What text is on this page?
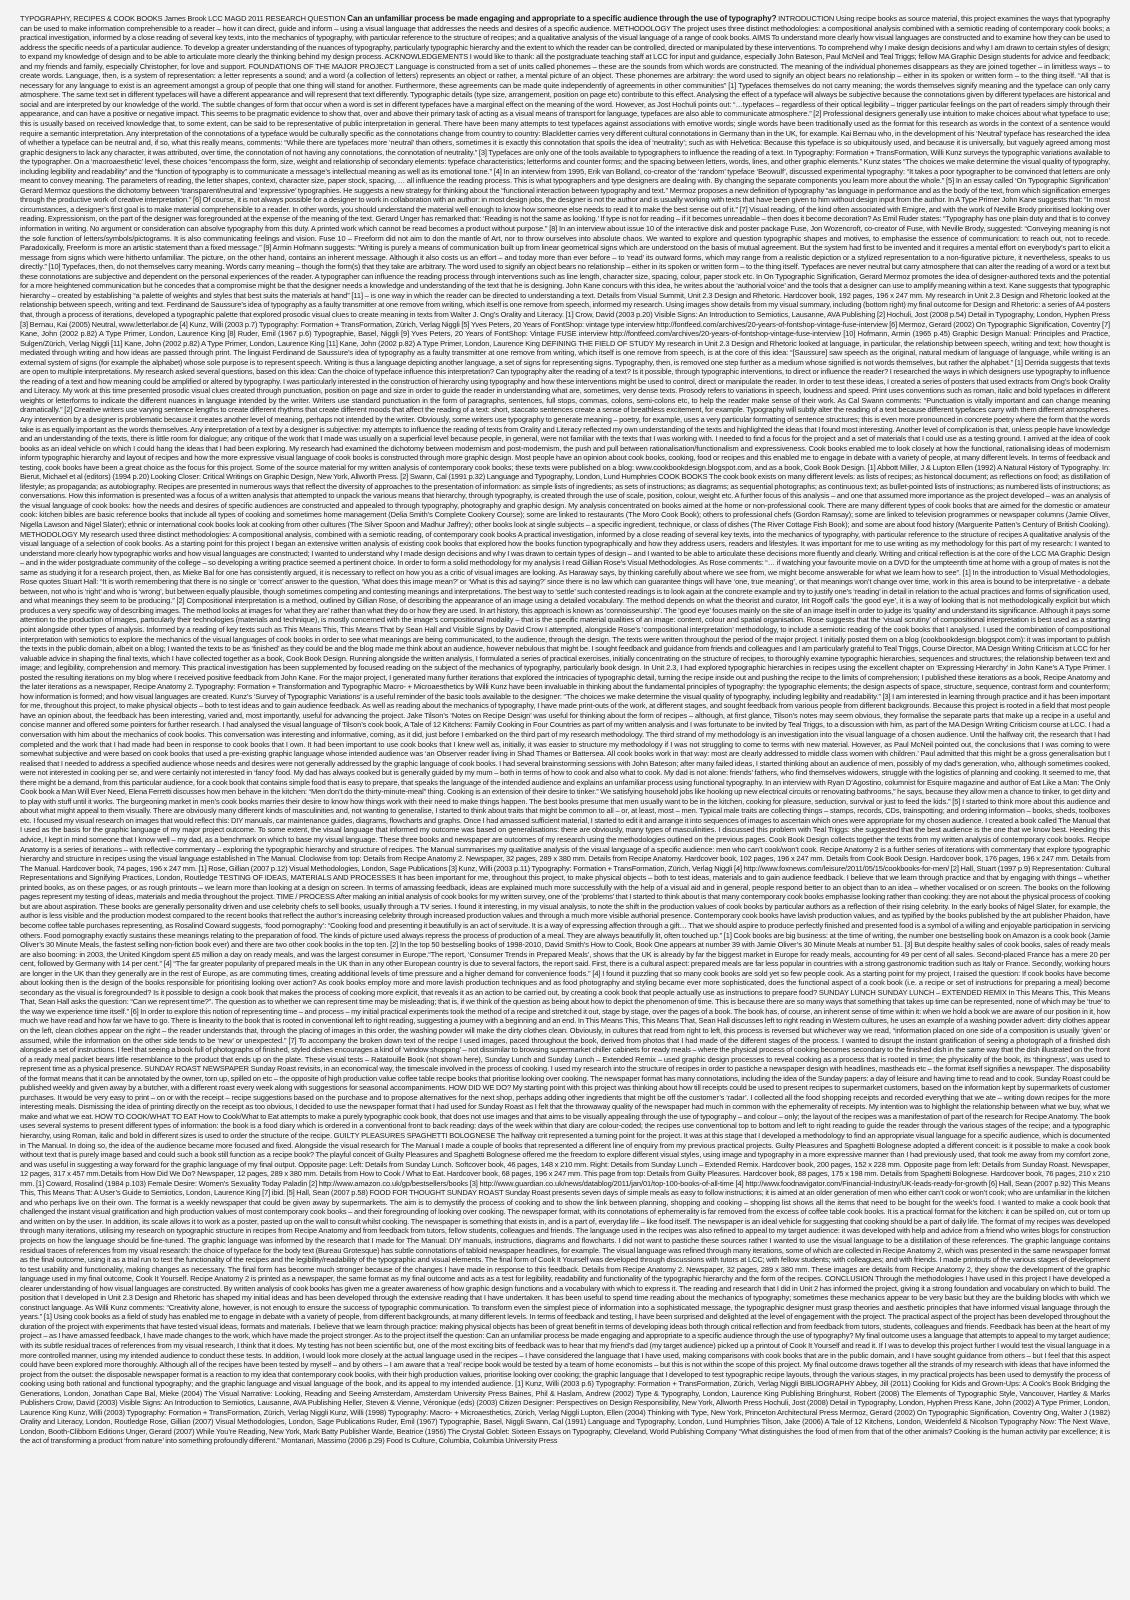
TYPOGRAPHY, RECIPES & COOK BOOKS James Brook LCC MAGD 2011 RESEARCH QUESTION Can an unfamiliar process be made engaging and appropriate to a specific audience through the use of typography? INTRODUCTION Using recipe books as source material, this project examines the ways that typography can be used to make information comprehensible to a reader – how it can direct, guide and inform – using a visual language that addresses the needs and desires of a specific audience. METHODOLOGY The project uses three distinct methodologies: a compositional analysis combined with a semiotic reading of contemporary cook books; a practical investigation, informed by a close reading of several key texts, into the mechanics of typography, with particular reference to the structure of recipes; and a qualitative analysis of the visual language of a range of cook books. AIMS To understand more clearly how visual languages are constructed and to examine how they can be used to address the specific needs of a particular audience. To develop a greater understanding of the nuances of typography, particularly typographic hierarchy and the extent to which the reader can be controlled, directed or manipulated by these interventions. To comprehend why I make design decisions and why I am drawn to certain styles of design; to expand my knowledge of design and to be able to articulate more clearly the thinking behind my design process. ACKNOWLEDGEMENTS I would like to thank: all the postgraduate teaching staff at LCC for input and guidance, especially John Bateson, Paul McNeil and Teal Triggs; fellow MA Graphic Design students for advice and feedback; and my friends and family, especially Christopher, for love and support. FOUNDATIONS OF THE MAJOR PROJECT Language is constructed from a set of units called phonemes – these are the sounds from which words are constructed. The meaning of the individual phonemes disappears as they are joined together – in limitless ways – to create words. Language, then, is a system of representation: a letter represents a sound; and a word (a collection of letters) represents an object or rather, a mental picture of an object. These phonemes are arbitrary: the word used to signify an object bears no relationship – either in its spoken or written form – to the thing itself. “All that is necessary for any language to exist is an agreement amongst a group of people that one thing will stand for another. Furthermore, these agreements can be made quite independently of agreements in other communities” [1] Typefaces themselves do not carry meaning; the words themselves signify meaning and the typeface can only carry atmosphere. The same text set in different typefaces will have a different appearance and will represent that text differently. Typographic details (type size, arrangement, position on page etc) contribute to this effect. Analysing the effect of a typeface will always be subjective because the connotations given by different typefaces are historical and social and are interpreted by our knowledge of the world. The subtle changes of form that occur when a word is set in different typefaces have a marginal effect on the meaning of the word. However, as Jost Hochuli points out: “…typefaces – regardless of their optical legibility – trigger particular feelings on the part of readers simply through their appearance, and can have a positive or negative impact. This seems to be pragmatic evidence to show that, over and above their primary task of acting as a visual means of transport for language, typefaces are also able to communicate atmosphere.” [2] Professional designers generally use intuition to make choices about what typeface to use; this is usually based on received knowledge that, to some extent, can be said to be representative of public interpretation in general. There have been many attempts to test typefaces against associations with emotive words; single words have been traditionally used as the format for this research as words in the context of a sentence would require a semantic interpretation. Any interpretation of the connotations of a typeface would be culturally specific as the connotations change from country to country: Blackletter carries very different cultural connotations in Germany than in the UK, for example. Kai Bernau who, in the development of his ‘Neutral’ typeface has researched the idea of whether a typeface can be neutral and, if so, what this really means, comments: “While there are typefaces more ‘neutral’ than others, sometimes it is exactly this connotation that spoils the idea of ‘neutrality’; such as with Helvetica: Because this typeface is so ubiquitously used, and because it is universally, but vaguely agreed among most graphic designers to lack any character, it was attributed, over time, the connotation of not having any connotations, the connotation of neutrality.” [3] Typefaces are only one of the tools available to typographers to influence the reading of a text. In Typography: Formation + TransFormation, Willi Kunz surveys the typographic variations available to the typographer. On a ‘macroaesthetic’ level, these choices “encompass the form, size, weight and relationship of secondary elements: typeface characteristics; letterforms and counter forms; and the spacing between letters, words, lines, and other graphic elements.” Kunz states “The choices we make determine the visual quality of typography, including legibility and readability” and the “function of typography is to communicate a message’s intellectual meaning as well as its emotional tone.” [4] In an interview from 1995, Erik van Bolland, co-creator of the ‘random’ typeface ‘Beowulf’, discussed experimental typography: “It takes a poor typographer to be convinced that letters are only meant to convey meaning. The parameters of reading, the letter shapes, context, character size, paper stock, spacing, … all influence the reading process. This is what typographers and type designers are dealing with. By changing the separate components you learn more about the whole.” [5] In an essay called ‘On Typographic Signification’ Gerard Mermoz questions the dichotomy between ‘transparent/neutral and ‘expressive’ typographies. He suggests a new strategy for thinking about the “functional interaction between typography and text.” Mermoz proposes a new definition of typography “as language in performance and as the body of the text, from which signification emerges through the productive work of creative interpretation.” [6] Of course, it is not always possible for a designer to work in collaboration with an author: in most design jobs, the designer is not the author and is usually working with texts that have been given to him without design input from the author. In A Type Primer John Kane suggests that: “In most circumstances, a designer’s first goal is to make material comprehensible to a reader. In other words, you should understand the material well enough to know how someone else needs to read it to make the best sense out of it.” [7] Visual reading, of the kind often associated with Emigre, and with the work of Neville Brody prioritised looking over reading. Expressionism, on the part of the designer was foregrounded at the expense of the meaning of the text. Gerard Unger has remarked that: ‘Reading is not the same as looking.’ If type is not for reading – if it becomes unreadable – then does it become decoration? As Emil Ruder states: “Typography has one plain duty and that is to convey information in writing. No argument or consideration can absolve typography from this duty. A printed work which cannot be read becomes a product without purpose.” [8] In an interview about issue 10 of the interactive disk and poster package Fuse, Jon Wozencroft, co-creator of Fuse, with Neville Brody, suggested: “Conveying meaning is not the sole function of letters/symbols/pictograms. It is also communicating feelings and vision. Fuse 10 – Freeform did not aim to don the mantle of Art, nor to throw ourselves into absolute chaos. We wanted to explore and question typographic shapes and motives, to emphasise the essence of communication: to reach out, not to recede. Paradoxically, Freeform is more an artistic statement than a fixed message.” [9] Armin Hofmann suggests: “Writing is purely a means of communication built up from linear geometrical signs which are understood on the basis of mutual agreement. But the system had first to be invented and it requires a mental effort on everybody’s part to elicit a message from signs which were hitherto unfamiliar. The picture, on the other hand, contains an inherent message. Although it also costs us an effort – and today more than ever before – to ‘read’ its outward forms, which may range from a realistic depiction or a stylized representation to a non-figurative picture, it nevertheless, speaks to us directly.” [10] Typefaces, then, do not themselves carry meaning. Words carry meaning – though the form(s) that they take are arbitrary. The word used to signify an object bears no relationship – either in its spoken or written form – to the thing itself. Typefaces are never neutral but carry atmosphere that can alter the reading of a word or a text but these connotations are subjective and dependent on the personal experiences of the reader. A typographer can influence the reading process through interventions such as line length, character size, spacing, colour, paper stock etc. In On Typographic Signification, Gerard Mermoz promotes the idea of designer-authored texts and the potential for a more heightened communication but he concedes that a compromise might be that the designer needs a knowledge and understanding of the text that he is designing. John Kane concurs with this idea, he writes about the ‘authorial voice’ and the tools that a designer can use to amplify meaning within a text. Kane suggests that typographic hierarchy – created by establishing “a palette of weights and styles that best suits the materials at hand” [11] – is one way in which the reader can be directed to understanding a text. Details from Visual Summit, Unit 2.3 Design and Rhetoric. Hardcover book, 192 pages, 196 x 247 mm. My research in Unit 2.3 Design and Rhetoric looked at the relationship between speech, writing and text. Ferdinand de Saussure’s idea of typography as a faulty transmitter at one remove from writing, which itself is one remove from speech, informed my research. Using images show details from my visual summary, including (bottom right) my final outcome for Design and Rhetoric: a series of A4 posters that, through a process of iterations, developed a typographic palette that explored prosodic visual clues to create meaning in texts from Walter J. Ong’s Orality and Literacy. [1] Crow, David (2003 p.20) Visible Signs: An Introduction to Semiotics, Lausanne, AVA Publishing [2] Hochuli, Jost (2008 p.54) Detail in Typography, London, Hyphen Press [3] Bernau, Kai (2005) Neutral, www.letterlabor.de [4] Kunz, Willi (2003 p.7) Typography: Formation + TransFormation, Zürich, Verlag Niggli [5] Yves Peters, 20 Years of FontShop: vintage type interview http://fontfeed.com/archives/20-years-of-fontshop-vintage-fuse-interview [6] Mermoz, Gerard (2002) On Typographic Signification, Coventry [7] Kane, John (2002 p.82) A Type Primer, London, Laurence King [8] Ruder, Emil (1967 p.6) Typographie, Basel, Niggli [9] Yves Peters, 20 Years of FontShop: Vintage FUSE interview http://fontfeed.com/archives/20-years-of-fontshop-vintage-fuse-interview [10] Hofmann, Armin (1965 p.45) Graphic Design Manual: Principles and Practice, Sulgen/Zürich, Verlag Niggli [11] Kane, John (2002 p.82) A Type Primer, London, Laurence King [11] Kane, John (2002 p.82) A Type Primer, London, Laurence King DEFINING THE FIELD OF STUDY My research in Unit 2.3 Design and Rhetoric looked at language, in particular, the relationship between speech, writing and text; how thought is mediated through writing and how ideas are passed through print. The linguist Ferdinand de Saussure’s idea of typography as a faulty transmitter at one remove from writing, which itself is one remove from speech, is at the core of this idea: “[Saussure] saw speech as the original, natural medium of language of language, while writing is an external system of signs (for example the alphabet) whose sole purpose is to represent speech. Writing is thus a language depicting another language, a set of signs for representing signs. Typography, then, is removed one step further as a medium whose signified is not words themselves, but rather the alphabet.” [1] Derrida suggests that texts are open to multiple interpretations. My research asked several questions, based on this idea: Can the choice of typeface influence this interpretation? Can typography alter the reading of a text? Is it possible, through typographic interventions, to direct or influence the reader? I researched the ways in which designers use typography to influence the reading of a text and how meaning could be amplified or altered by typography. I was particularly interested in the construction of hierarchy using typography and how these interventions might be used to control, direct or manipulate the reader. In order to test these ideas, I created a series of posters that used extracts from Ong’s book Orality and Literacy. My work at this time presented prosodic visual clues created through punctuation, position on page and size in order to guide the reader in understanding what are, sometimes, very dense texts. Prosody refers to variations in speech, loudness and speed. Print uses conventions such as roman, italic and bold typefaces in different weights or letterforms to indicate the different nuances in language intended by the writer. Writers use standard punctuation in the form of paragraphs, sentences, full stops, commas, colons, semi-colons etc, to help the reader make sense of their work. As Cal Swann comments: “Punctuation is vitally important and can change meaning dramatically.” [2] Creative writers use varying sentence lengths to create different rhythms that create different moods that affect the reading of a text: short, staccato sentences create a sense of breathless excitement, for example. Typography will subtly alter the reading of a text because different typefaces carry with them different atmospheres. Any intervention by a designer is problematic because it creates another level of meaning, perhaps not intended by the writer. Obviously, some writers use typography to generate meaning – poetry, for example, uses a very particular formatting of sentence structures; this is even more pronounced in concrete poetry where the form that the words take is as equally important as the words themselves. Any interpretation of a text by a designer is subjective: my attempts to influence the reading of texts from Orality and Literacy reflected my own understanding of the texts and highlighted the ideas that I found most interesting. Another level of complication is that, unless people have knowledge and an understanding of the texts, there is little room for dialogue; any critique of the work that I made was usually on a superficial level because people, in general, were not familiar with the texts that I was working with. I needed to find a focus for the project and a set of materials that I could use as a testing ground. I arrived at the idea of cook books as an ideal vehicle on which I could hang the ideas that I had been exploring. My research had examined the dichotomy between modernism and post-modernism, the push and pull between rationalisation/functionalism and expressiveness. Cook books enabled me to look closely at how the functional, rationalising ideas of modernism inform typographic hierarchy and layout of recipes and how the more expressive visual language of cook books is constructed through more graphic design. Most people have an opinion about cook books, cooking, food or recipes and this enabled me to engage in debate with a variety of people, at many different levels. In terms of feedback and testing, cook books have been a great choice as the focus for this project. Some of the source material for my written analysis of contemporary cook books; these texts were published on a blog: www.cookbookdesign.blogspot.com, and as a book, Cook Book Design. [1] Abbott Miller, J & Lupton Ellen (1992) A Natural History of Typography. In: Bierut, Michael et al (editors) (1994 p.20) Looking Closer: Critical Writings on Graphic Design, New York, Allworth Press. [2] Swann, Cal (1991 p.32) Language and Typography, London, Lund Humphries COOK BOOKS The cook book exists on many different levels: as lists of recipes; as historical document; as reflections on food; as distillation of lifestyle; as propaganda; as autobiography. Recipes are presented in numerous ways that reflect the diversity of approaches to the presentation of information: as simple lists of ingredients; as sets of instructions; as diagrams; as sequential photographs; as continuous text; as bullet-pointed lists of instructions; as numbered lists of instructions; as conversations. How this information is presented was a focus of a written analysis that attempted to unpack the various means that hierarchy, through typography, is created through the use of scale, position, colour, weight etc. A further focus of this analysis – and one that assumed more importance as the project developed – was an analysis of the visual language of cook books: how the needs and desires of specific audiences are constructed and appealed to through typography, photography and graphic design. My analysis concentrated on books aimed at the home or non-professional cook. There are many different types of cook books that are aimed for the domestic or amateur cook: kitchen bibles are basic reference books that include all types of cooking and sometimes home management (Delia Smith’s Complete Cookery Course); some are linked to restaurants (The Moro Cook Book); others to professional chefs (Gordon Ramsay); some are linked to television programmes or newspaper columns (Jamie Oliver, Nigella Lawson and Nigel Slater); ethnic or international cook books look at cooking from other cultures (The Silver Spoon and Madhur Jaffrey); other books look at single subjects – a specific ingredient, technique, or class of dishes (The River Cottage Fish Book); and some are about food history (Marguerite Patten’s Century of British Cooking). METHODOLOGY My research used three distinct methodologies: A compositional analysis, combined with a semiotic reading, of contemporary cook books A practical investigation, informed by a close reading of several key texts, into the mechanics of typography, with particular reference to the structure of recipes A qualitative analysis of the visual language of a selection of cook books. As a starting point for this project I began an extensive written analysis of existing cook books that explored how the books function typographically and how they address users, readers and lifestyles. It was important for me to use writing as my methodology for this part of my research: I wanted to understand more clearly how typographic works and how visual languages are constructed; I wanted to understand why I made design decisions and why I was drawn to certain types of design – and I wanted to be able to articulate these decisions more fluently and clearly. Writing and critical reflection is at the core of the LCC MA Graphic Design – and in the wider postgraduate community of the college – so developing a writing practice seemed a pertinent choice. In order to form a solid methodology for my analysis I read Gillian Rose’s Visual Methodologies. As Rose comments: “… if watching your favourite movie on a DVD for the umpteenth time at home with a group of mates is not the same as studying it for a research project, then, as Mieke Bal for one has consistently argued, it is necessary to reflect on how you as a critic of visual images are looking. As Haraway says, by thinking carefully about where we see from, we might become answerable for what we learn how to see”. [1] In the introduction to Visual Methodologies, Rose quotes Stuart Hall: “It is worth remembering that there is no single or ‘correct’ answer to the question, ‘What does this image mean?’ or ‘What is this ad saying?’ since there is no law which can guarantee things will have ‘one, true meaning’, or that meanings won’t change over time, work in this area is bound to be interpretative - a debate between, not who is ‘right’ and who is ‘wrong’, but between equally plausible, though sometimes competing and contesting meanings and interpretations. The best way to ‘settle’ such contested readings is to look again at the concrete example and try to justify one’s ‘reading’ in detail in relation to the actual practices and forms of signification used, and what meanings they seem to be producing.” [2] Compositional interpretation is a method, outlined by Gillian Rose, of describing the appearance of an image using a detailed vocabulary. The method depends on what the theorist and curator, Irit Rogoff calls ‘the good eye’, it is a way of looking that is not methodologically explicit but which produces a very specific way of describing images. The method looks at images for ‘what they are’ rather than what they do or how they are used. In art history, this approach is known as ‘connoisseurship’. The ‘good eye’ focuses mainly on the site of an image itself in order to judge its ‘quality’ and understand its significance. Although it pays some attention to the production of images, particularly their technologies (materials and technique), is mostly concerned with the image’s compositional modality – that is the specific material qualities of an image: content, colour and spatial organisation. Rose suggests that the ‘visual scrutiny’ of compositional interpretation is best used as a starting point alongside other types of analysis. Informed by a reading of key texts such as This Means This, This Means That by Sean Hall and Visible Signs by David Crow I attempted, alongside Rose’s ‘compositional interpretation’ methodology, to include a semiotic reading of the cook books that I analysed. I used the combination of compositional interpretation with semiotics to explore the mechanics of the visual languages of cook books in order to see what meanings are being communicated, to the audience, through the design. The texts were written throughout the period of the major project. I initially posted them on a blog (cookbookdesign.blogspot.com): it was important to publish the texts in the public domain, albeit on a blog; I wanted the texts to be as ‘finished’ as they could be and the blog made me think about an audience, however nebulous that might be. I sought feedback and guidance from friends and colleagues and I am particularly grateful to Teal Triggs, Course Director, MA Design Writing Criticism at LCC for her valuable advice in shaping the final texts, which I have collected together as a book, Cook Book Design. Running alongside the written analysis, I formulated a series of practical exercises, initially concentrating on the structure of recipes, to thoroughly examine typographic hierarchies, sequences and structures; the relationship between text and image; and legibility, comprehension and memory. This practical investigation has been supplemented by focused reading on the subject of the mechanics of typography, particularly book design. In Unit 2.3, I had explored typographic hierarchies in recipes using the excellent chapter on ‘Expressing Hierarchy’ in John Kane’s A Type Primer. I posted the resulting iterations on my blog where I received positive feedback from John Kane. For the major project, I generated many further iterations that explored the intricacies of typographic detail, turning the recipe inside out and pushing the recipe to the limits of comprehension; I published these iterations as a book, Recipe Anatomy and the later iterations as a newspaper, Recipe Anatomy 2. Typography: Formation + Transformation and Typographic Macro- + Microaesthetics by Willi Kunz have been invaluable in thinking about the fundamental principles of typography: the typographic elements; the design aspects of space, structure, sequence, contrast form and counterform; how information is formed; and how visual languages are created. Kunz’s ‘Survey of Typographic Variations’ is a useful reminder of the basic tools available to the designer: “The choices we make determine the visual quality of typography, including legibility and readability.” [3] I am interested in learning through practice and it has been important for me, throughout this project, to make physical objects – both to test ideas and to gain audience feedback. As well as reading about the mechanics of typography, I have made print-outs of the work, at different stages, and sought feedback from various people from different backgrounds. Because this project is rooted in a field that most people have an opinion about, the feedback has been interesting, varied and, most importantly, useful for advancing the project. Jake Tilson’s ‘Notes on Recipe Design’ was useful for thinking about the form of recipes – although, at first glance, Tilson’s notes may seem obvious, they formalise the separate parts that make up a recipe in a useful and concise manner and offered some pointers for further research. I had analysed the visual language of Tilson’s cook book, A Tale of 12 Kitchens: Family Cooking in Four Countries as part of my written analysis and I was fortunate to be invited by Teal Triggs, to a discussion with him, as part of the MA Design Writing Criticism course at LCC. I had a conversation with him about the mechanics of cook books. This conversation was interesting and informative, coming, as it did, just before I embarked on the third part of my research methodology. The third strand of my methodology is an investigation into the visual language of a chosen audience. Until the halfway crit, the research that I had completed and the work that I had made had been in response to cook books that I own. It had been important to use cook books that I knew well as, initially, it was easier to structure my methodology if I was not struggling to come to terms with new material. However, as Paul McNeil pointed out, the conclusions that I was coming to were somewhat subjective and were based on cook books that used a pre-existing graphic language whose intended audience was ‘an Observer reader living in Shad Thames or Battersea. All cook books work in that way: most are clearly addressed to middle class women with children.’ Paul admitted that this might be a gross generalisation but I realised that I needed to address a specified audience whose needs and desires were not generally addressed by the graphic language of cook books. I had several brainstorming sessions with John Bateson; after many failed ideas, I started thinking about an audience of men, possibly of my dad’s generation, who, although sometimes cooked, were not interested in cooking per se, and were certainly not interested in ‘fancy’ food. My dad has always cooked but is generally guided by my mum – both in terms of how to cook and also what to cook. My dad is not alone: friends’ fathers, who find themselves widowers, struggle with the logistics of planning and cooking. It seemed to me, that there might be a demand, from this particular audience, for a cook book that contains simple food that is easy to prepare, that speaks the language of the intended audience and explains an unfamiliar process using functional typography. In an interview with Ryan D’Agostino, columnist for Esquire magazine and author of Eat Like a Man: The Only Cook book a Man Will Ever Need, Elena Ferretti discusses how men behave in the kitchen: “Men don’t do the thirty-minute-meal” thing. Cooking is an extension of their desire to tinker.” We satisfying household jobs like hooking up new electrical circuits or renovating bathrooms,” he says, because they allow men a chance to tinker, to get dirty and to play with stuff until it works. The burgeoning market in men’s cook books marries their desire to know how things work with their need to make things happen. The best books presume that men usually want to be in the kitchen, cooking for pleasure, seduction, survival or just to feed the kids.” [5] I started to think more about this audience and about what might appeal to them visually. There are obviously many different kinds of masculinities and, not wanting to generalise, I started to think about traits that might be common to all – or, at least, most – men. Typical male traits are collecting things – stamps, records, CDs, trainspotting; and ordering information – books, sheds, toolboxes etc. I focused my visual research on images that would reflect this: DIY manuals, car maintenance guides, diagrams, flowcharts and graphs. Once I had amassed sufficient material, I started to edit it and arrange it into sequences of images to ascertain which ones were appropriate for my chosen audience. I created a book called The Manual that I used as the basis for the graphic language of my major project outcome. To some extent, the visual language that informed my outcome was based on generalisations: there are obviously, many types of masculinities. I discussed this problem with Teal Triggs: she suggested that the best audience is the one that we know best. Heeding this advice, I kept in mind someone that I know well – my dad, as a benchmark on which to base my visual language. These three books and newspaper are outcomes of my research using the methodologies outlined on the previous pages. Cook Book Design collects together the texts from my written analysis of contemporary cook books. Recipe Anatomy is a series of iterations – with reflective commentary – exploring the typographic hierarchy and structure of recipes. The Manual summarises my qualitative analysis of the visual language of a specific audience: men who can’t cook/won’t cook. Recipe Anatomy 2 is a further series of iterations with commentary that explore typographic hierarchy and structure in recipes using the visual language established in The Manual. Clockwise from top: Details from Recipe Anatomy 2. Newspaper, 32 pages, 289 x 380 mm. Details from Recipe Anatomy. Hardcover book, 102 pages, 196 x 247 mm. Details from Cook Book Design. Hardcover book, 176 pages, 196 x 247 mm. Details from The Manual. Hardcover book, 74 pages, 196 x 247 mm. [1] Rose, Gillian (2007 p.12) Visual Methodologies, London, Sage Publications [3] Kunz, Willi (2003 p.11) Typography: Formation + TransFormation, Zürich, Verlag Niggli [4] http://www.foxnews.com/leisure/2011/05/15/cookbooks-for-men/ [2] Hall, Stuart (1997 p.9) Representation: Cultural Representations and Signifying Practices, London, Routledge TESTING OF IDEAS, MATERIALS AND PROCESSES It has been important for me, throughout this project, to make physical objects – both to test ideas, materials and to gain audience feedback. I believe that we learn through practice and that by engaging with things – whether printed books, as on these pages, or as rough printouts – we learn more than looking at a design on screen. In terms of amassing feedback, ideas are explained much more successfully with the help of a visual aid and in general, people respond better to an object than to an idea – whether vocalised or on screen. The books on the following pages represent my testing of ideas, materials and media throughout the project. TIME / PROCESS After making an initial analysis of cook books for my written survey, one of the ‘problems’ that I started to think about is that many contemporary cook books emphasise looking rather than cooking: they are not about the physical process of cooking but are about aspiration. These books are generally personality driven and use celebrity chefs to sell books, usually through a TV series. I found it interesting, in my visual analysis, to note the shift in the production values of cook books by particular authors as a reflection of their rising celebrity. In the early books of Nigel Slater, for example, the author is less visible and the production modest compared to the recent books that reflect the author’s increasing celebrity through increased production values and through a much more visible authorial presence. Contemporary cook books have lavish production values, and as typified by the books published by the art publisher Phaidon, have become coffee table purchases representing, as Rosalind Coward suggests, ‘food pornography’: “Cooking food and presenting it beautifully is an act of servitude. It is a way of expressing affection through a gift… That we should aspire to produce perfectly finished and presented food is a symbol of a willing and enjoyable participation in servicing others. Food pornography exactly sustains these meanings relating to the preparation of food. The kinds of picture used always repress the process of production of a meal. They are always beautifully lit, often touched up.” [1] Cook books are big business: at the time of writing, the number one bestselling book on Amazon is a cook book (Jamie Oliver’s 30 Minute Meals, the fastest selling non-fiction book ever) and there are two other cook books in the top ten. [2] In the top 50 bestselling books of 1998-2010, David Smith’s How to Cook, Book One appears at number 39 with Jamie Oliver’s 30 Minute Meals at number 51. [3] But despite healthy sales of cook books, sales of ready meals are also booming: in 2003, the United Kingdom spent £5 million a day on ready meals, and was the largest consumer in Europe.“The report, ‘Consumer Trends in Prepared Meals’, shows that the UK is already by far the biggest market in Europe for ready meals, accounting for 49 per cent of all sales. Second-placed France has a mere 20 per cent, followed by Germany with 14 per cent.” [4] “The far greater popularity of prepared meals in the UK than in any other European country is due to several factors, the report said. First, there is a cultural aspect: prepared meals are far less popular in countries with a strong gastronomic tradition such as Italy or France. Secondly, working hours are longer in the UK than they generally are in the rest of Europe, as are commuting times, creating additional levels of time pressure and a higher demand for convenience foods.” [4] I found it puzzling that so many cook books are sold yet so few people cook. As a starting point for my project, I raised the question: If cook books have become about looking then is the design of the books responsible for prioritising looking over action? As cook books employ more and more lavish production techniques and as food photography and styling became ever more sophisticated, does the functional aspect of a cook book (i.e. a recipe or set of instructions for preparing a meal) become secondary as the visual is foregrounded? Is it possible to design a cook book that makes the process of cooking more explicit, that reveals it as an action to be carried out, by creating a cook book that people actually use as instructions to prepare food? SUNDAY LUNCH SUNDAY LUNCH – EXTENDED REMIX In This Means This, This Means That, Sean Hall asks the question: “Can we represent time?”. The question as to whether we can represent time may be misleading; that is, if we think of the question as being about how to depict the phenomenon of time. This is because there are so many ways that something that takes up time can be represented, none of which may be ‘true’ to the way we experience time itself.” [6] In order to explore this notion of representing time – and process – my initial practical experiments took the method of a recipe and stretched it out, stage by stage, over the pages of a book. The book has, of course, an inherent sense of time within it: when we hold a book we are aware of our position in it, how much we have read and how far we have to go. There is linearity to the book that is rooted in conventional left to right reading, suggesting a journey with a beginning and an end. In This Means This, This Means That, Sean Hall discusses left to right reading in Western cultures, he uses an example of a washing powder advert: dirty clothes appear on the left, clean clothes appear on the right – the reader understands that, through the placing of images in this order, the washing powder will make the dirty clothes clean. Obviously, in cultures that read from right to left, this process is reversed but whichever way we read, “information placed on one side of a composition is usually ‘given’ or assumed, while the information on the other side tends to be ‘new’ or unexpected.” [7] To accompany the broken down text of the recipe I used images, paced throughout the book, derived from photos that I had made of the different stages of the process. I wanted to disrupt the instant gratification of seeing a photograph of a finished dish alongside a set of instructions. I feel that seeing a book full of photographs of finished, styled dishes encourages a kind of ‘window shopping’ – not dissimilar to browsing supermarket chiller cabinets for ready meals – where the physical process of cooking becomes secondary to the finished dish in the same way that the dish illustrated on the front of a ready meal packet bears little resemblance to the product that ends up on the plate. These visual tests – Ratatouille Book (not shown here), Sunday Lunch and Sunday Lunch – Extended Remix – used graphic design processes to reveal cooking as a process that is rooted in time; the physicality of the book, its ‘thingness’, was used to represent time as a physical presence. SUNDAY ROAST NEWSPAPER Sunday Roast revisits, in an economical way, the timescale involved in the process of cooking. I used my research into the structure of recipes in order to pastiche a newspaper design with headlines, mastheads etc – the format itself signifies a newspaper. The disposability of the format means that it can be annotated by the owner, torn up, spilled on etc – the opposite of high production value coffee table recipe books that prioritise looking over cooking. The newspaper format has many connotations, including the idea of the Sunday papers: a day of leisure and having time to read and to cook. Sunday Roast could be published weekly and given away by a butcher, with a different roast every week along with suggestions for seasonal accompaniments. HOW DID WE DO? My starting point with this project was thinking about how till receipts could be used to present recipes to supermarket customers, based on the information kept by supermarkets of customer purchases. It would be very easy to print – on or with the receipt – recipe suggestions based on the purchase and to propose alternatives for the next shop, perhaps adding other ingredients that might be off the customer’s ‘radar’. I collected all the food shopping receipts and recorded everything that we ate – writing down recipes for the more interesting meals. Dismissing the idea of printing directly on the receipt as too obvious, I decided to use the newspaper format that I had used for Sunday Roast as I felt that the throwaway quality of the newspaper had much in common with the ephemerality of receipts. My intention was to highlight the relationship between what we buy, what we make and what we eat. HOW TO COOK/WHAT TO EAT How to Cook/What to Eat attempts to make a purely typographic cook book, that does not use images and that aims to be visually appealing through the use of typography – and colour – only; the layout of the recipes was a manifestation of part of the research for Recipe Anatomy. The book uses several systems to present different types of information: the book is a food diary which is ordered in a conventional front to back reading: days of the week within that diary are colour-coded; the recipes use conventional top to bottom and left to right reading to guide the reader through the various stages of the recipe; and a typographic hierarchy, using Roman, italic and bold in different sizes is used to order the structure of the recipe. GUILTY PLEASURES SPAGHETTI BOLOGNESE The halfway crit represented a turning point for the project. It was at this stage that I developed a methodology to find an appropriate visual language for a specific audience, which is documented in The Manual. In doing so, the idea of the audience became more focused and fixed. Alongside the visual research for The Manual I made a couple of books that represented a different line of enquiry from my previous practical projects. Guilty Pleasures and Spaghetti Bolognese adopted a different conceit: is it possible to make a cook book without text that is purely image based and could such a book still function as a recipe book? The playful conceit of Guilty Pleasures and Spaghetti Bolognese offered me the freedom to explore different visual styles, using image and typography in a more expressive manner than I had previously used, that took me away from my comfort zone, and was useful in suggesting a way forward for the graphic language of my final output. Opposite page: Left: Details from Sunday Lunch. Softcover book, 46 pages, 148 x 210 mm. Right: Details from Sunday Lunch – Extended Remix. Hardcover book, 200 pages, 152 x 228 mm. Opposite page from left: Details from Sunday Roast. Newspaper, 12 pages, 317 x 457 mm.Details from How Did We Do? Newspaper, 12 pages, 289 x 380 mm. Details from How to Cook / What to Eat. Hardcover book, 68 pages, 196 x 247 mm. This page from top: Details from Guilty Pleasures. Hardcover book, 88 pages, 175 x 198 mm. Details from Spaghetti Bolognese. Hardcover book, 76 pages, 210 x 210 mm. [1] Coward, Rosalind (1984 p.103) Female Desire: Women’s Sexuality Today Paladin [2] http://www.amazon.co.uk/gp/bestsellers/books [3] http://www.guardian.co.uk/news/datablog/2011/jan/01/top-100-books-of-all-time [4] http://www.foodnavigator.com/Financial-Industry/UK-leads-ready-for-growth [6] Hall, Sean (2007 p.92) This Means This, This Means That: A User’s Guide to Semiotics, London, Laurence King [7] ibid. [5] Hall, Sean (2007 p.58) FOOD FOR THOUGHT SUNDAY ROAST Sunday Roast presents seven days of simple meals as easy to follow instructions; it is aimed at an older generation of men who either can’t cook or won’t cook; who are unfamiliar in the kitchen and who perhaps live on their own. The format is a weekly newspaper that could be given away by supermarkets. The aim is to demystify the process of cooking and to show the link between planning, shopping and cooking – shopping list shows all the items that need to be bought for the week’s food. I wanted to make a cook book that challenged the instant visual gratification and high production values of most contemporary cook books – and their foregrounding of looking over cooking. The newspaper format, with its connotations of ephemerality is far removed from the excess of coffee table cook books. It is a practical format for the kitchen: it can be spilled on, cut or torn up and written on by the user. In addition, its scale allows it to work as a poster, pasted up on the wall to consult whilst cooking. The newspaper is something that exists in, and is a part of, everyday life – like food itself. The newspaper is an ideal vehicle for suggesting that cooking should be a part of daily life. The format of my recipes was developed through many iterations, utilising my research on typographic structure in recipes from Recipe Anatomy and from feedback from tutors, fellow students, colleagues and friends. The language used in the recipes was also refined to appeal to my target audience: it was developed with help and advice from a friend who writes blogs for construction projects on how the language should be fine-tuned. The graphic language was informed by the research that I made for The Manual: DIY manuals, instructions, diagrams and flowcharts. I did not want to pastiche these sources rather I wanted to use the visual language to be a distillation of these references. The graphic language contains residual traces of references from my visual research: the choice of typeface for the body text (Bureau Grotesque) has subtle connotations of tabloid newspaper headlines, for example. The visual language was refined through many iterations, some of which are collected in Recipe Anatomy 2, which was presented in the same newspaper format as the final outcome, using it as a trial run to test the functionality of the recipes and the legibility/readability of the typographic and visual elements. The final form of Cook It Yourself was developed through discussions with tutors at LCC; with fellow students; with colleagues; and with friends. I made printouts of the various stages of development to test usability and functionality, making changes as necessary. The final form has become much stronger because of the changes I have made in response to this feedback. Details from Recipe Anatomy 2. Newspaper, 32 pages, 289 x 380 mm. These images are details from Recipe Anatomy 2, they show the development of the graphic language used in my final outcome, Cook It Yourself. Recipe Anatomy 2 is printed as a newspaper, the same format as my final outcome and acts as a test for legibility, readability and functionality of the typographic hierarchy and the form of the recipes. CONCLUSION Through the methodologies I have used in this project I have developed a clearer understanding of how visual languages are constructed. By written analysis of cook books has given me a greater awareness of how graphic design functions and a vocabulary with which to express it. The reading and research that I did in Unit 2 has informed the project, giving it a strong foundation and vocabulary on which to build. The position that I developed in Unit 2.3 Design and Rhetoric has shaped my initial ideas and has been developed through the extensive reading that I have undertaken. It has been useful to spend time reading about the mechanics of typography; sometimes these mechanics appear to be very basic but they are the building blocks with which we construct language. As Willi Kunz comments: “Creativity alone, however, is not enough to ensure the success of typographic communication. To transform even the simplest piece of information into a sophisticated message, the typographic designer must grasp theories and aesthetic principles that have informed visual language through the years.” [1] Using cook books as a field of study has enabled me to engage in debate with a variety of people, from different backgrounds, at many different levels. In terms of feedback and testing, I have been surprised and delighted at the level of engagement with the project. The practical aspect of the project has been developed throughout the duration of the project with experiments that have tested visual ideas, formats and materials. I believe that we learn through practice: making physical objects has been of great benefit in terms of developing ideas both through critical reflection and from feedback from tutors, students, colleagues and friends. Feedback has been at the heart of my project – as I have amassed feedback, I have made changes to the work, which have made the project stronger. As to the project itself the question: Can an unfamiliar process be made engaging and appropriate to a specific audience through the use of typography? My final outcome uses a language that attempts to appeal to my target audience; with its subtle residual traces of references from my visual research, I think that it does. My testing has not been scientific but, one of the most exciting bits of feedback was to hear that my friend’s dad (my target audience) picked up a printout of Cook It Yourself and read it. If I was to develop this project further I would test the visual language in a more controlled manner, using my intended audience to conduct these tests. In addition, I would look more closely at the actual language used in the recipes – I have considered the language that I have used, making comparisons with cook books that are in the public domain, and I have sought guidance from others – but I feel that this aspect could have been explored more thoroughly. Although all of the recipes have been tested by myself – and by others – I am aware that a ‘real’ recipe book would be tested by a team of home economists – but this is not within the scope of this project. My final outcome draws together all the strands of my research with ideas that have informed the project from the outset: the disposable newspaper format is a reaction to my idea that contemporary cook books, with their high production values, prioritise looking over cooking; the graphic language that I developed to test typographic recipe layouts, through the various stages, in my practical projects has been used to demystify the process of cooking using both rational and functional typography; and the graphic language and visual language of the book, and its appeal to my intended audience. [1] Kunz, Willi (2003 p.6) Typography: Formation + TransFormation, Zürich, Verlag Niggli BIBLIOGRAPHY Abbey, Jill (2011) Cooking for Kids and Grown-Ups: A Cook’s Book Bridging the Generations, London, Jonathan Cape Bal, Mieke (2004) The Visual Narrative: Looking, Reading and Seeing Amsterdam, Amsterdam University Press Baines, Phil & Haslam, Andrew (2002) Type & Typography, London, Laurence King Publishing Bringhurst, Robert (2008) The Elements of Typographic Style, Vancouver, Hartley & Marks Publishers Crow, David (2003) Visible Signs: An Introduction to Semiotics, Lausanne, AVA Publishing Heller, Steven & Vienne, Véronique (eds) (2003) Citizen Designer: Perspectives on Design Responsibility, New York, Allworth Press Hochuli, Jost (2008) Detail in Typography, London, Hyphen Press Kane, John (2002) A Type Primer, London, Laurence King Kunz, Willi (2003) Typography: Formation + TransFormation, Zürich, Verlag Niggli Kunz, Willi (1998) Typography: Macro- + Microaesthetics, Zürich, Verlag Niggli Lupton, Ellen (2004) Thinking with Type, New York, Princeton Architectural Press Mermoz, Gerard (2002) On Typographic Signification, Coventry Ong, Walter J (1982) Orality and Literacy, London, Routledge Rose, Gillian (2007) Visual Methodologies, London, Sage Publications Ruder, Emil (1967) Typographie, Basel, Niggli Swann, Cal (1991) Language and Typography, London, Lund Humphries Tilson, Jake (2006) A Tale of 12 Kitchens, London, Weidenfeld & Nicolson Typography Now: The Next Wave, London, Booth-Clibborn Editions Unger, Gerard (2007) While You’re Reading, New York, Mark Batty Publisher Warde, Beatrice (1956) The Crystal Goblet: Sixteen Essays on Typography, Cleveland, World Publishing Company “What distinguishes the food of men from that of the other animals? Cooking is the human activity par excellence; it is the act of transforming a product ‘from nature’ into something profoundly different.” Montanari, Massimo (2006 p.29) Food Is Culture, Columbia, Columbia University Press
